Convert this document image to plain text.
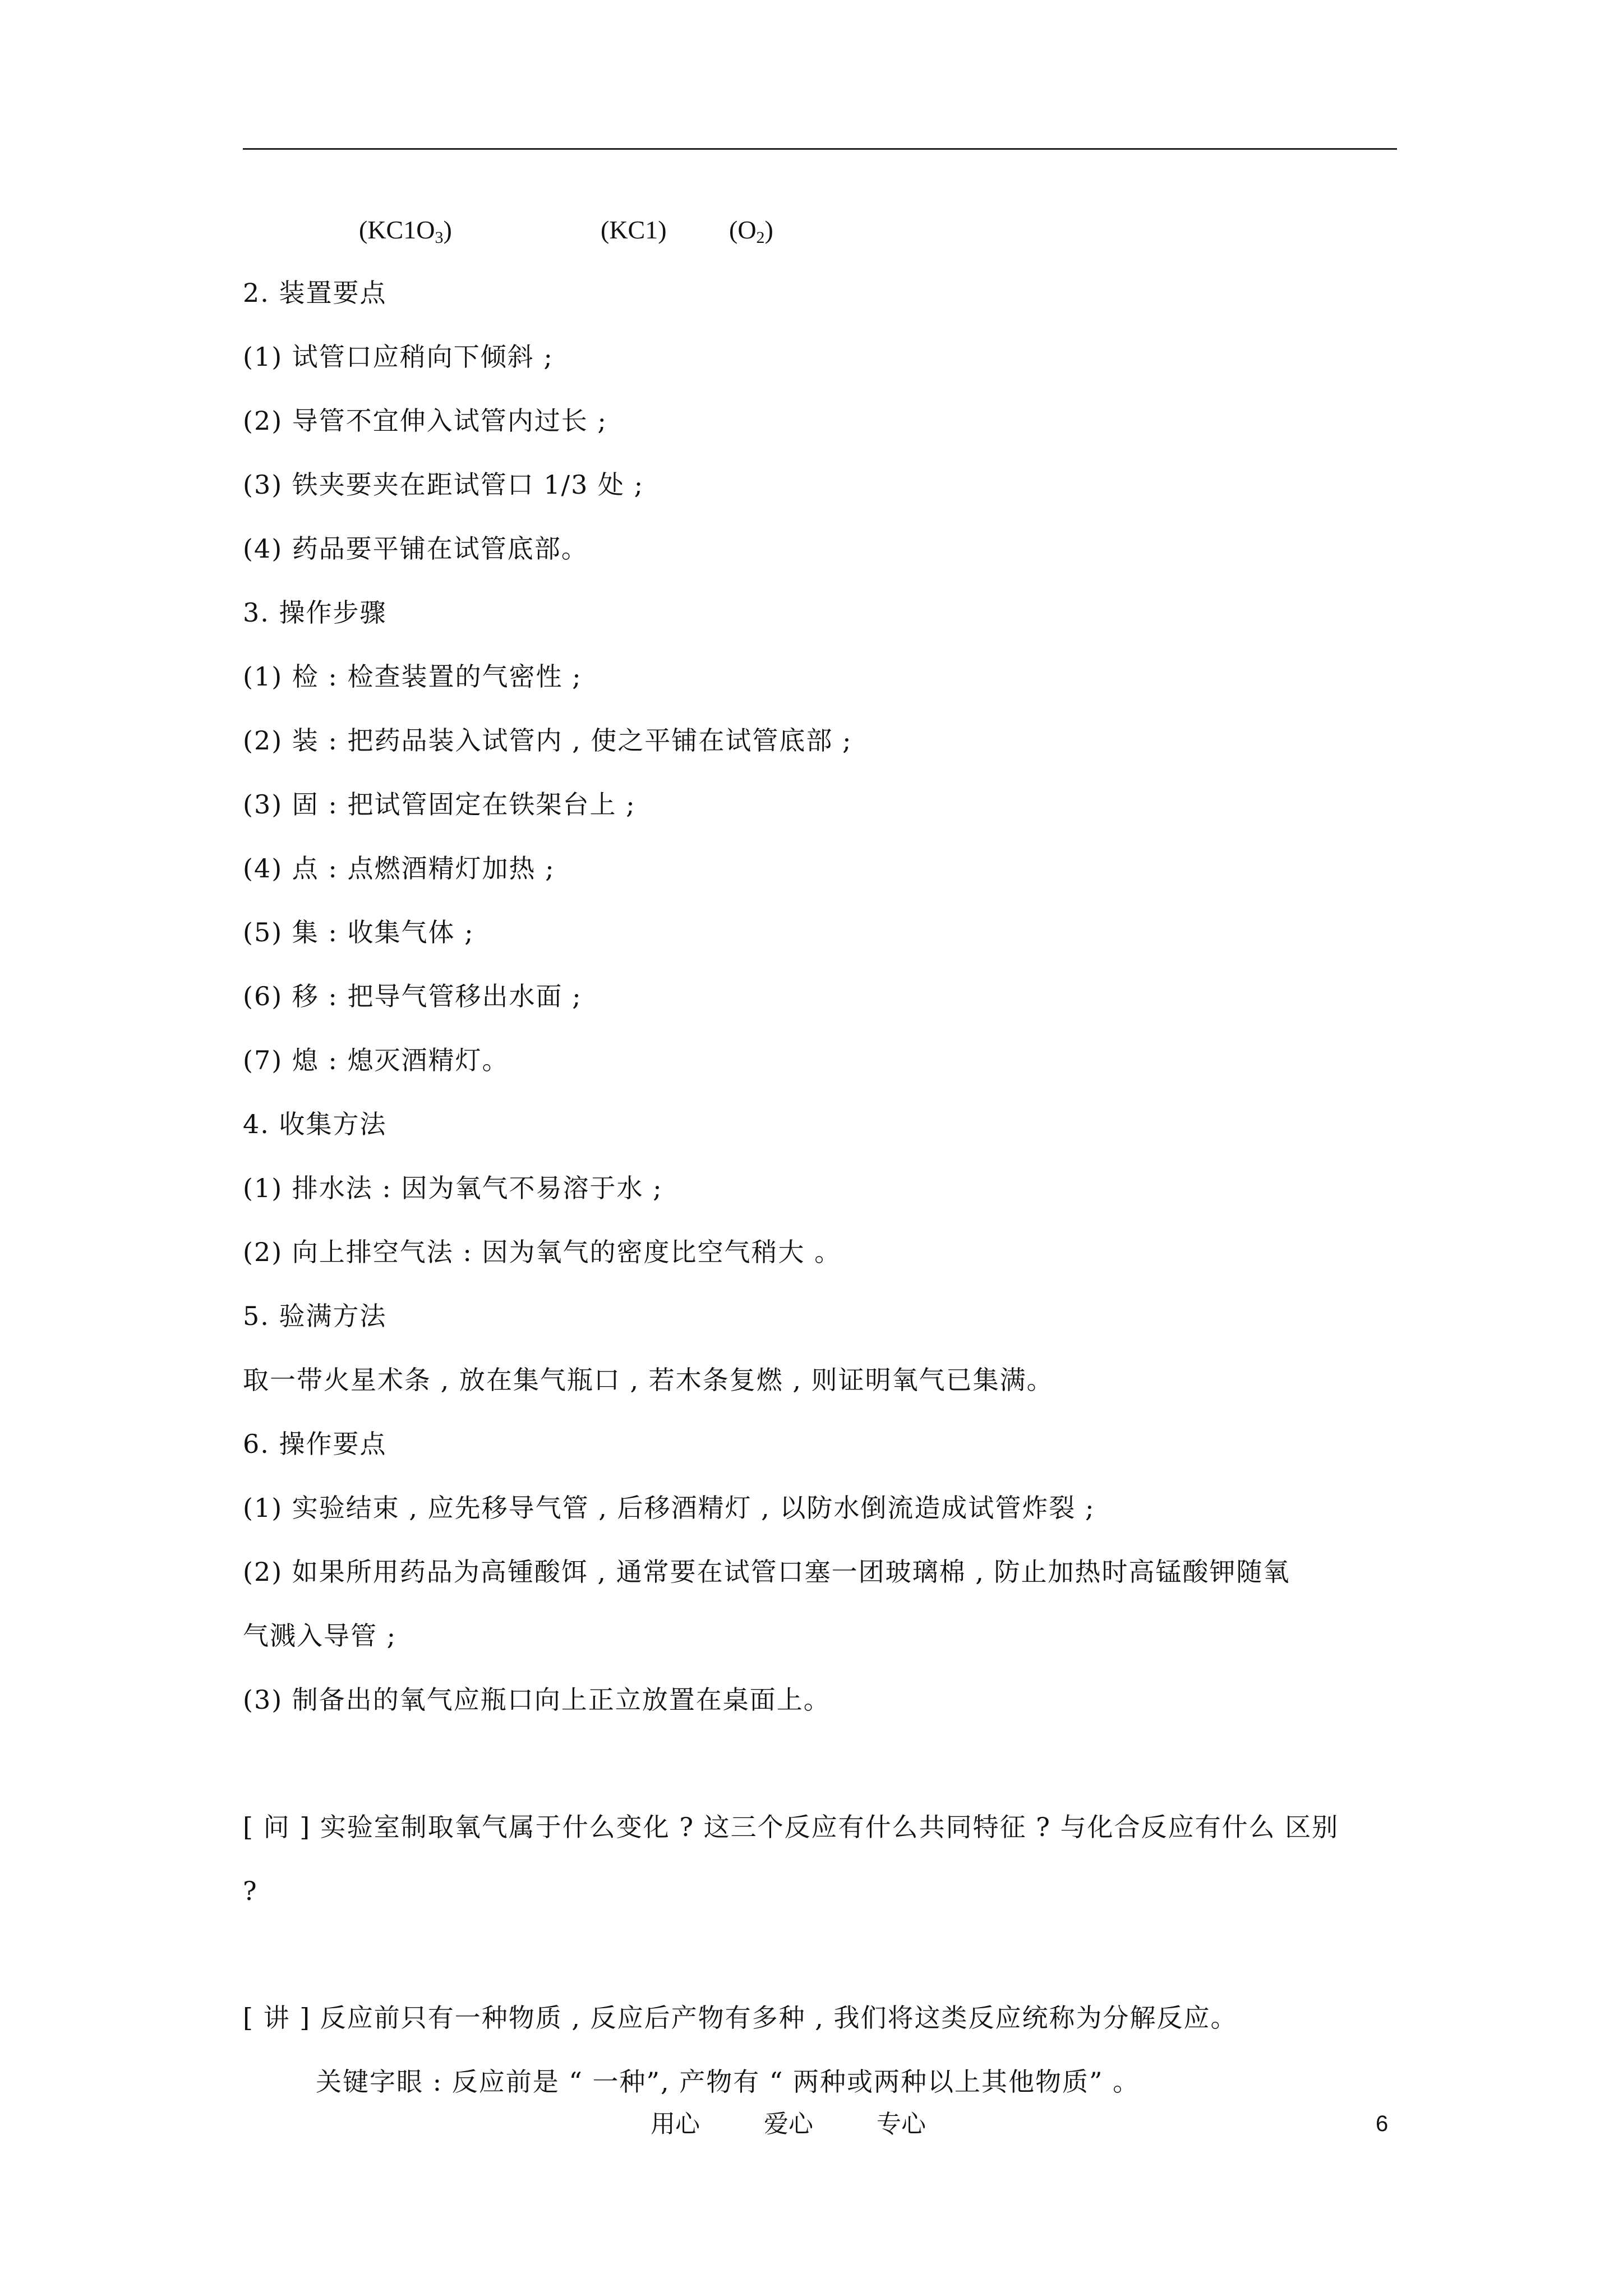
$(KC1O_3)$	(KC1) $(O_2)$
2. 装置要点
(1) 试管口应稍向下倾斜 ;
(2) 导管不宜伸入试管内过长 ;
(3) 铁夹要夹在距试管口 1/3 处 ;
(4) 药品要平铺在试管底部。
3. 操作步骤
(1) 检 : 检查装置的气密性 ;
(2) 装 : 把药品装入试管内 , 使之平铺在试管底部 ;
(3) 固 : 把试管固定在铁架台上 ;
(4) 点 : 点燃酒精灯加热 ;
(5) 集 : 收集气体 ;
(6) 移 : 把导气管移出水面 ;
(7) 熄 : 熄灭酒精灯。
4. 收集方法
(1) 排水法 : 因为氧气不易溶于水 ;
(2) 向上排空气法 : 因为氧气的密度比空气稍大 。
5. 验满方法
取一带火星术条 , 放在集气瓶口 , 若木条复燃 , 则证明氧气已集满。
6. 操作要点
(1) 实验结束 , 应先移导气管 , 后移酒精灯 , 以防水倒流造成试管炸裂 ;
(2) 如果所用药品为高锺酸饵 , 通常要在试管口塞一团玻璃棉 , 防止加热时高锰酸钾随氧
气溅入导管 ;
(3) 制备出的氧气应瓶口向上正立放置在桌面上。
[ 问 ] 实验室制取氧气属于什么变化 ? 这三个反应有什么共同特征 ? 与化合反应有什么 区别
?
[ 讲 ] 反应前只有一种物质 , 反应后产物有多种 , 我们将这类反应统称为分解反应。
关键字眼 : 反应前是 “ 一种”, 产物有 “ 两种或两种以上其他物质” 。
用心	爱心	专心	6
